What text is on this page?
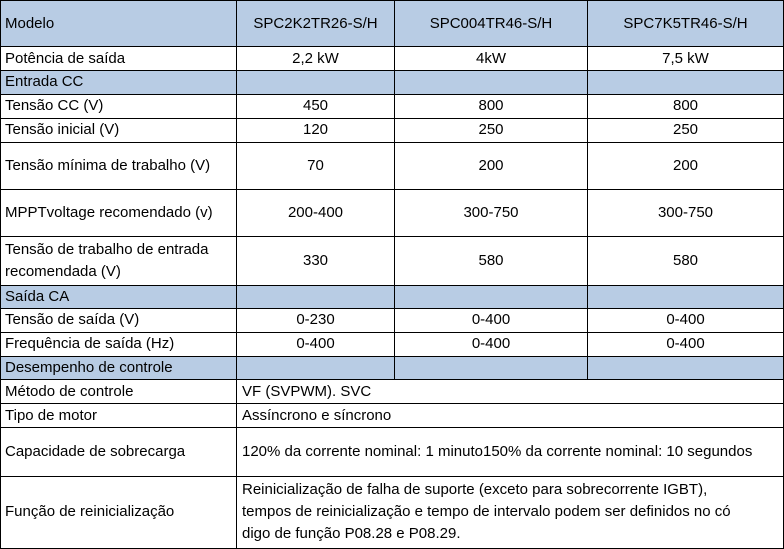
Modelo	SPC2K2TR26-S/H	SPC004TR46-S/H	SPC7K5TR46-S/H
Potência de saída	2,2 kW	4kW	7,5 kW
Entrada CC			
Tensão CC (V)	450	800	800
Tensão inicial (V)	120	250	250
Tensão mínima de trabalho (V)	70	200	200
MPPTvoltage recomendado (v)	200-400	300-750	300-750
Tensão de trabalho de entrada recomendada (V)	330	580	580
Saída CA			
Tensão de saída (V)	0-230	0-400	0-400
Frequência de saída (Hz)	0-400	0-400	0-400
Desempenho de controle			
Método de controle	VF (SVPWM). SVC		
Tipo de motor	Assíncrono e síncrono		
Capacidade de sobrecarga	120% da corrente nominal: 1 minuto150% da corrente nominal: 10 segundos		
Função de reinicialização	Reinicialização de falha de suporte (exceto para sobrecorrente IGBT),
tempos de reinicialização e tempo de intervalo podem ser definidos no có
digo de função P08.28 e P08.29.		
